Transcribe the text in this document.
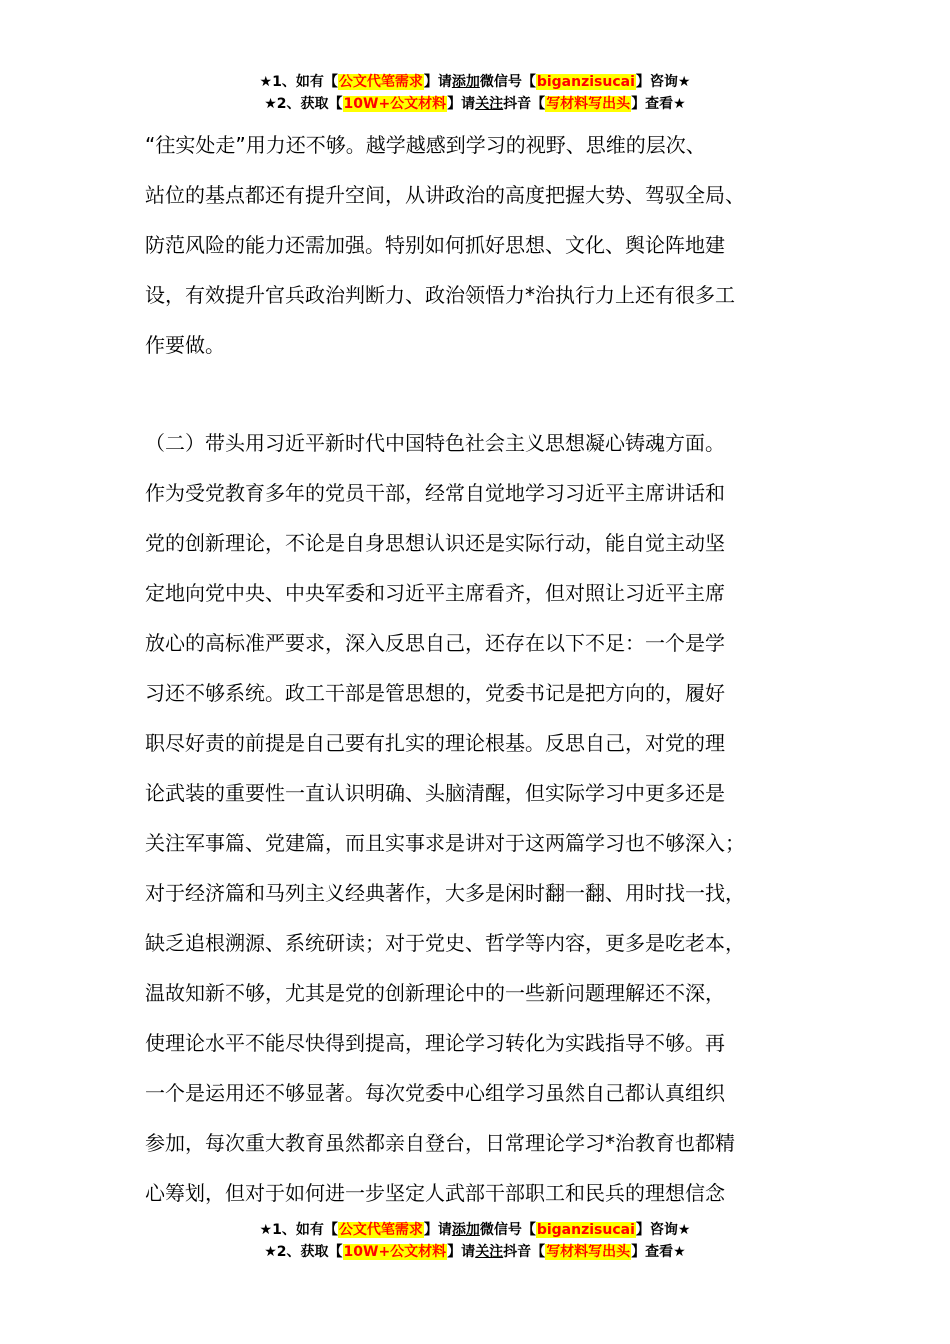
★1、如有【公文代笔需求】请添加微信号【biganzisucai】咨询★
★2、获取【10W+公文材料】请关注抖音【写材料写出头】查看★
“往实处走”用力还不够。越学越感到学习的视野、思维的层次、
站位的基点都还有提升空间，从讲政治的高度把握大势、驾驭全局、
防范风险的能力还需加强。特别如何抓好思想、文化、舆论阵地建
设，有效提升官兵政治判断力、政治领悟力*治执行力上还有很多工
作要做。
（二）带头用习近平新时代中国特色社会主义思想凝心铸魂方面。
作为受党教育多年的党员干部，经常自觉地学习习近平主席讲话和
党的创新理论，不论是自身思想认识还是实际行动，能自觉主动坚
定地向党中央、中央军委和习近平主席看齐，但对照让习近平主席
放心的高标准严要求，深入反思自己，还存在以下不足：一个是学
习还不够系统。政工干部是管思想的，党委书记是把方向的，履好
职尽好责的前提是自己要有扎实的理论根基。反思自己，对党的理
论武装的重要性一直认识明确、头脑清醒，但实际学习中更多还是
关注军事篇、党建篇，而且实事求是讲对于这两篇学习也不够深入；
对于经济篇和马列主义经典著作，大多是闲时翻一翻、用时找一找，
缺乏追根溯源、系统研读；对于党史、哲学等内容，更多是吃老本，
温故知新不够，尤其是党的创新理论中的一些新问题理解还不深，
使理论水平不能尽快得到提高，理论学习转化为实践指导不够。再
一个是运用还不够显著。每次党委中心组学习虽然自己都认真组织
参加，每次重大教育虽然都亲自登台，日常理论学习*治教育也都精
心筹划，但对于如何进一步坚定人武部干部职工和民兵的理想信念
★1、如有【公文代笔需求】请添加微信号【biganzisucai】咨询★
★2、获取【10W+公文材料】请关注抖音【写材料写出头】查看★
